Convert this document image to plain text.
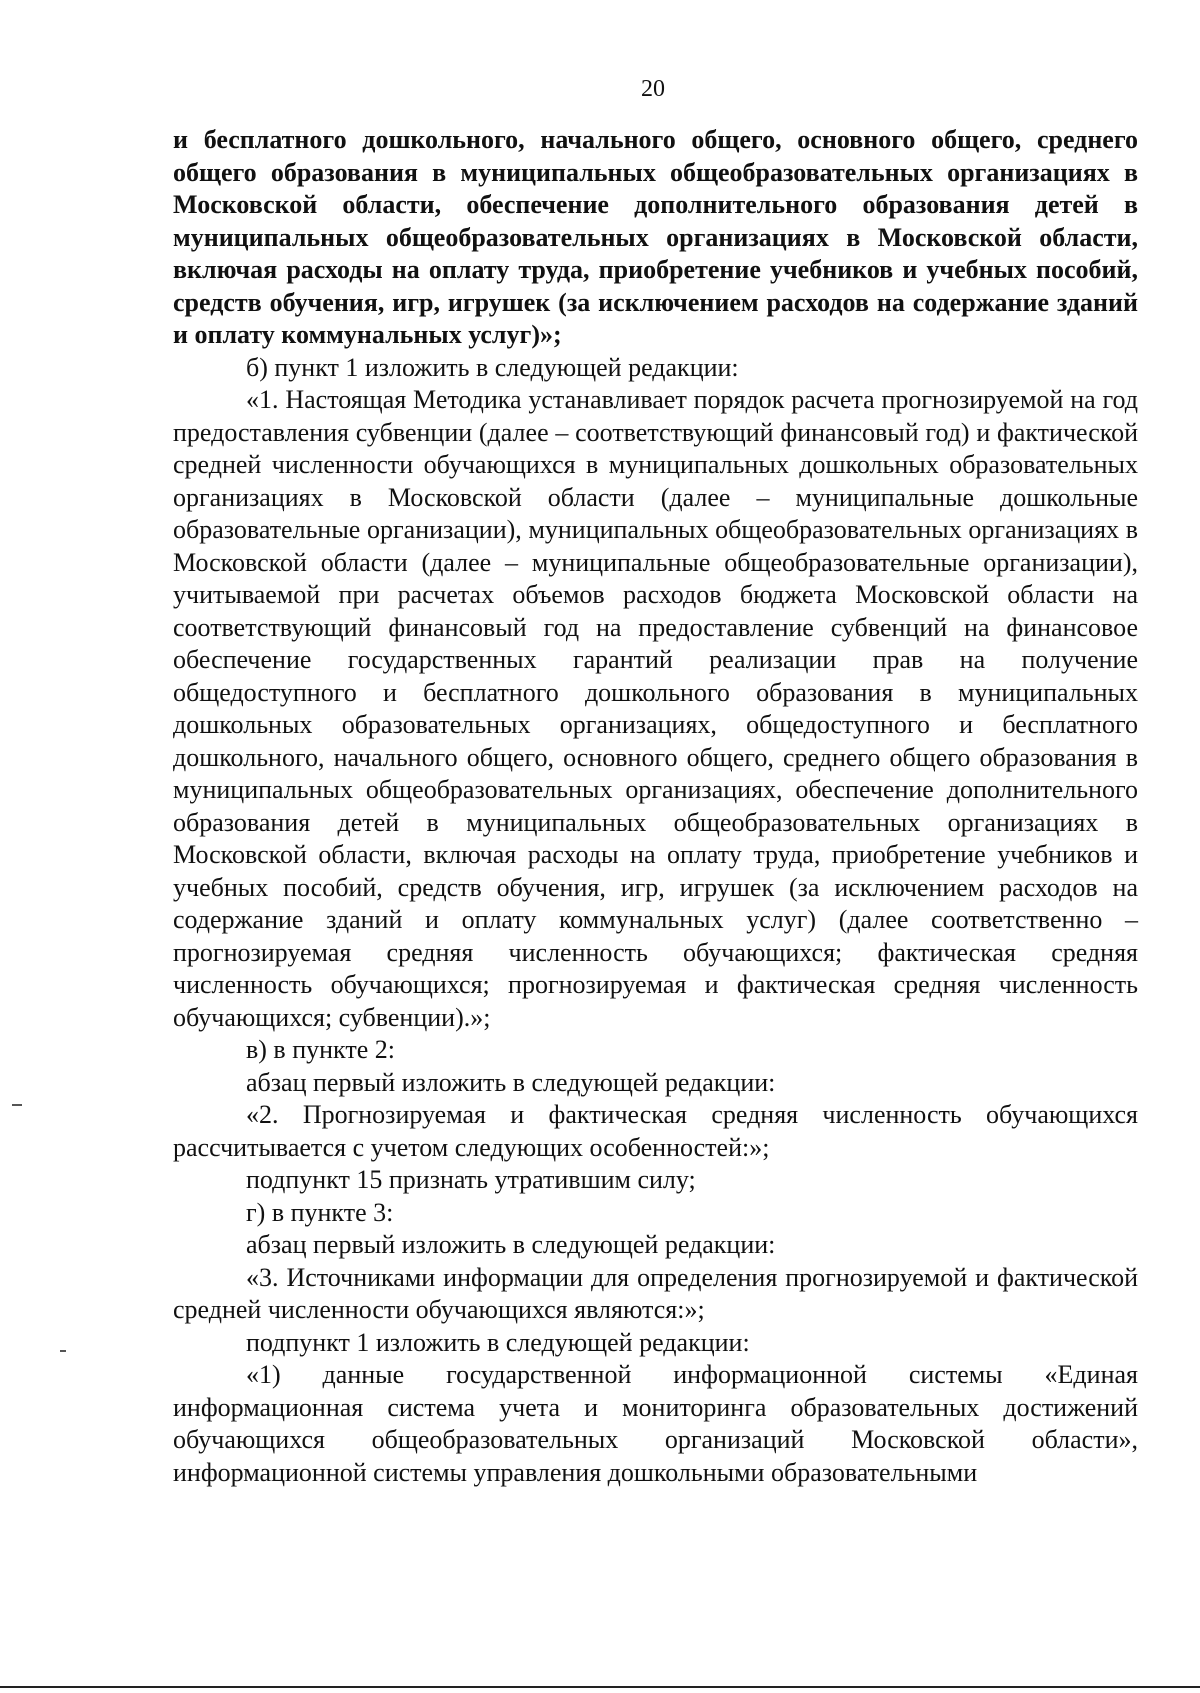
20

и бесплатного дошкольного, начального общего, основного общего, среднего общего образования в муниципальных общеобразовательных организациях в Московской области, обеспечение дополнительного образования детей в муниципальных общеобразовательных организациях в Московской области, включая расходы на оплату труда, приобретение учебников и учебных пособий, средств обучения, игр, игрушек (за исключением расходов на содержание зданий и оплату коммунальных услуг)»;

б) пункт 1 изложить в следующей редакции:

«1. Настоящая Методика устанавливает порядок расчета прогнозируемой на год предоставления субвенции (далее – соответствующий финансовый год) и фактической средней численности обучающихся в муниципальных дошкольных образовательных организациях в Московской области (далее – муниципальные дошкольные образовательные организации), муниципальных общеобразовательных организациях в Московской области (далее – муниципальные общеобразовательные организации), учитываемой при расчетах объемов расходов бюджета Московской области на соответствующий финансовый год на предоставление субвенций на финансовое обеспечение государственных гарантий реализации прав на получение общедоступного и бесплатного дошкольного образования в муниципальных дошкольных образовательных организациях, общедоступного и бесплатного дошкольного, начального общего, основного общего, среднего общего образования в муниципальных общеобразовательных организациях, обеспечение дополнительного образования детей в муниципальных общеобразовательных организациях в Московской области, включая расходы на оплату труда, приобретение учебников и учебных пособий, средств обучения, игр, игрушек (за исключением расходов на содержание зданий и оплату коммунальных услуг) (далее соответственно – прогнозируемая средняя численность обучающихся; фактическая средняя численность обучающихся; прогнозируемая и фактическая средняя численность обучающихся; субвенции).»;

в) в пункте 2:

абзац первый изложить в следующей редакции:

«2. Прогнозируемая и фактическая средняя численность обучающихся рассчитывается с учетом следующих особенностей:»;

подпункт 15 признать утратившим силу;

г) в пункте 3:

абзац первый изложить в следующей редакции:

«3. Источниками информации для определения прогнозируемой и фактической средней численности обучающихся являются:»;

подпункт 1 изложить в следующей редакции:

«1) данные государственной информационной системы «Единая информационная система учета и мониторинга образовательных достижений обучающихся общеобразовательных организаций Московской области», информационной системы управления дошкольными образовательными
